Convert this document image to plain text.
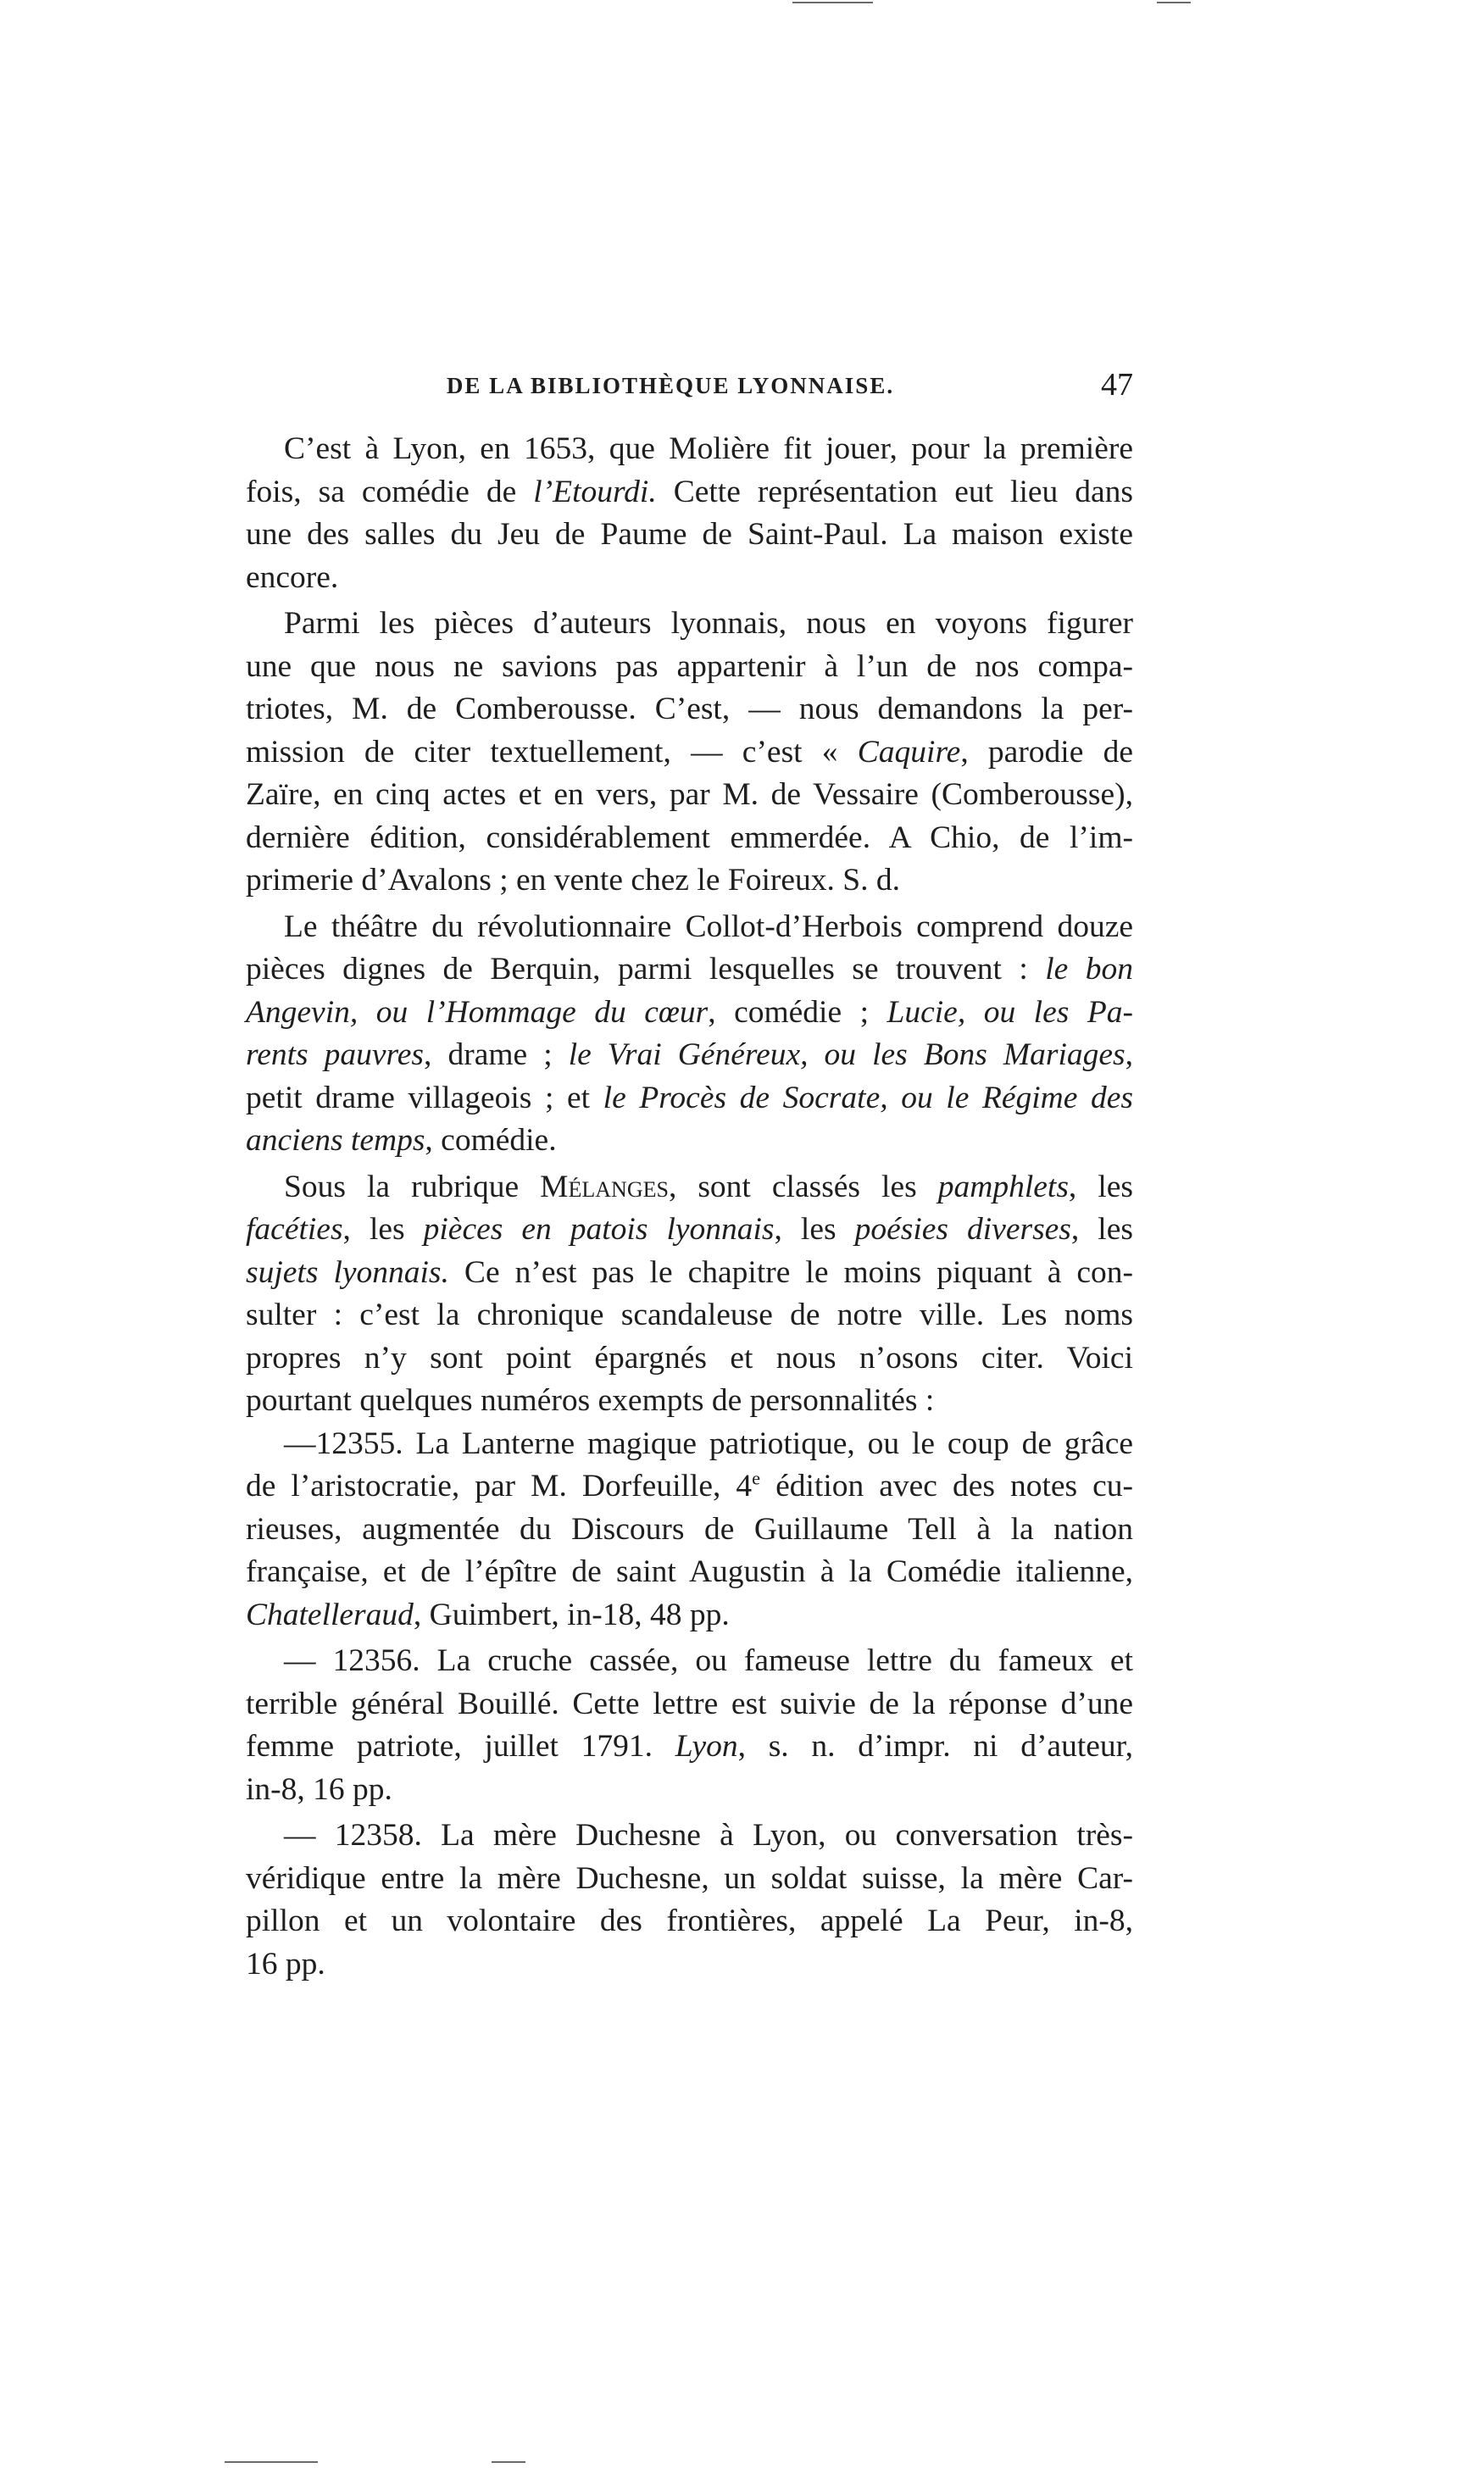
DE LA BIBLIOTHÈQUE LYONNAISE.	47
C’est à Lyon, en 1653, que Molière fit jouer, pour la première
fois, sa comédie de l’Etourdi. Cette représentation eut lieu dans
une des salles du Jeu de Paume de Saint-Paul. La maison existe
encore.
Parmi les pièces d’auteurs lyonnais, nous en voyons figurer
une que nous ne savions pas appartenir à l’un de nos compa-
triotes, M. de Comberousse. C’est, — nous demandons la per-
mission de citer textuellement, — c’est « Caquire, parodie de
Zaïre, en cinq actes et en vers, par M. de Vessaire (Comberousse),
dernière édition, considérablement emmerdée. A Chio, de l’im-
primerie d’Avalons ; en vente chez le Foireux. S. d.
Le théâtre du révolutionnaire Collot-d’Herbois comprend douze
pièces dignes de Berquin, parmi lesquelles se trouvent : le bon
Angevin, ou l’Hommage du cœur, comédie ; Lucie, ou les Pa-
rents pauvres, drame ; le Vrai Généreux, ou les Bons Mariages,
petit drame villageois ; et le Procès de Socrate, ou le Régime des
anciens temps, comédie.
Sous la rubrique Mélanges, sont classés les pamphlets, les
facéties, les pièces en patois lyonnais, les poésies diverses, les
sujets lyonnais. Ce n’est pas le chapitre le moins piquant à con-
sulter : c’est la chronique scandaleuse de notre ville. Les noms
propres n’y sont point épargnés et nous n’osons citer. Voici
pourtant quelques numéros exempts de personnalités :
—12355. La Lanterne magique patriotique, ou le coup de grâce
de l’aristocratie, par M. Dorfeuille, 4e édition avec des notes cu-
rieuses, augmentée du Discours de Guillaume Tell à la nation
française, et de l’épître de saint Augustin à la Comédie italienne,
Chatelleraud, Guimbert, in-18, 48 pp.
— 12356. La cruche cassée, ou fameuse lettre du fameux et
terrible général Bouillé. Cette lettre est suivie de la réponse d’une
femme patriote, juillet 1791. Lyon, s. n. d’impr. ni d’auteur,
in-8, 16 pp.
— 12358. La mère Duchesne à Lyon, ou conversation très-
véridique entre la mère Duchesne, un soldat suisse, la mère Car-
pillon et un volontaire des frontières, appelé La Peur, in-8,
16 pp.
